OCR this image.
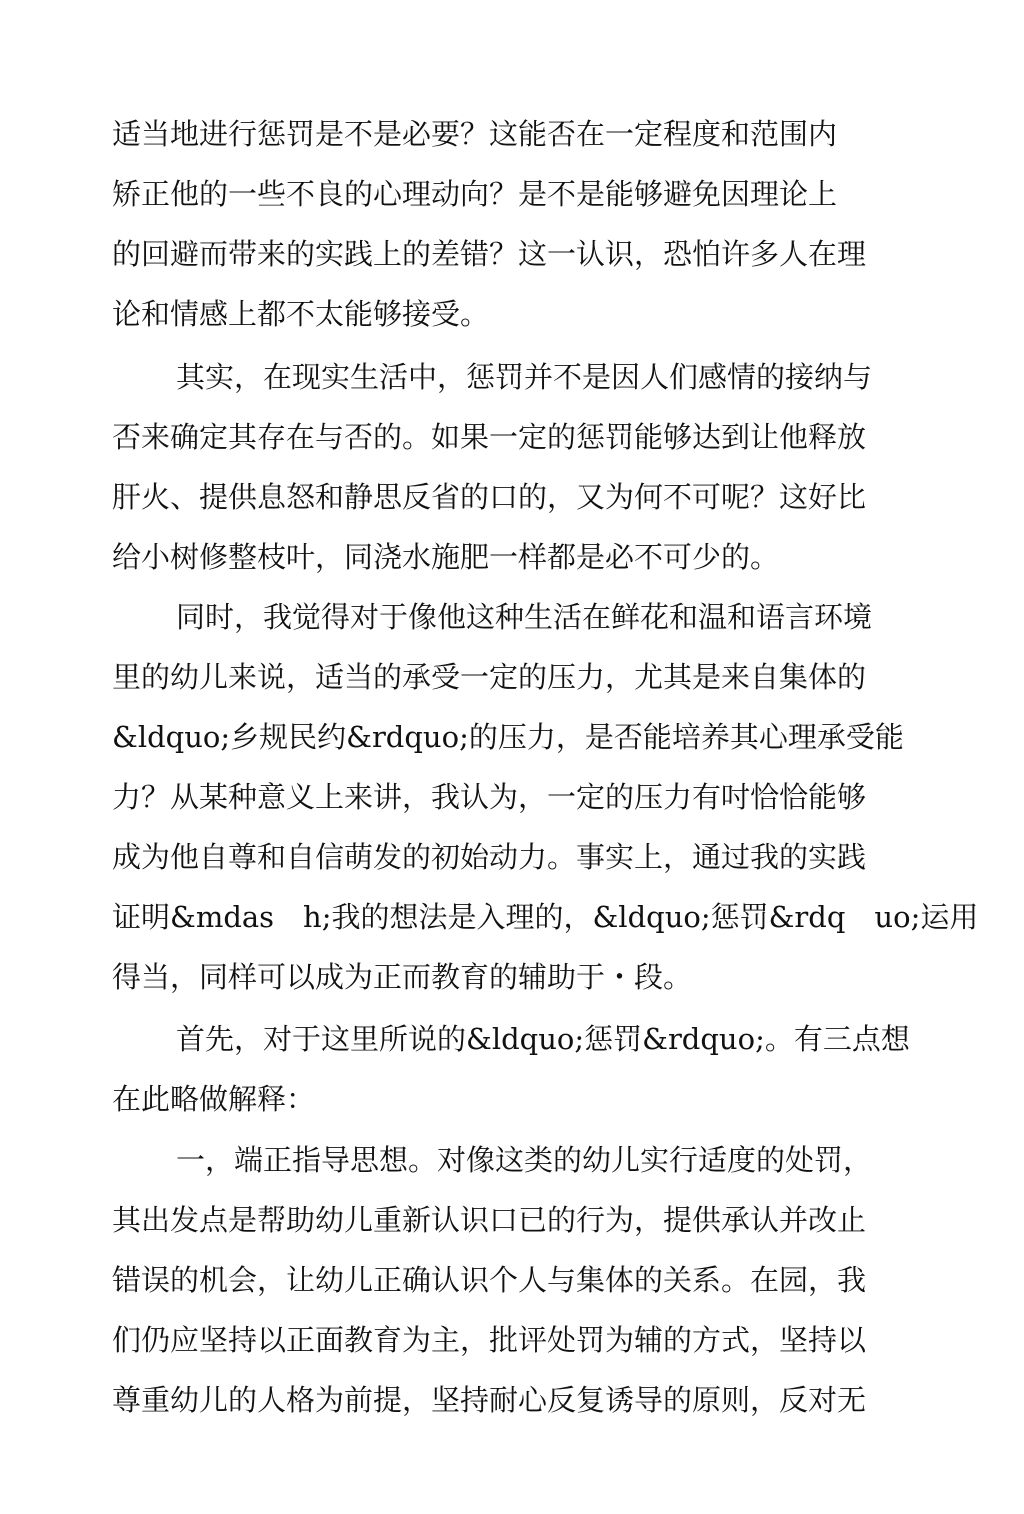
适当地进行惩罚是不是必要？这能否在一定程度和范围内
矫正他的一些不良的心理动向？是不是能够避免因理论上
的回避而带来的实践上的差错？这一认识，恐怕许多人在理
论和情感上都不太能够接受。
其实，在现实生活中，惩罚并不是因人们感情的接纳与
否来确定其存在与否的。如果一定的惩罚能够达到让他释放
肝火、提供息怒和静思反省的口的，又为何不可呢？这好比
给小树修整枝叶，同浇水施肥一样都是必不可少的。
同时，我觉得对于像他这种生活在鲜花和温和语言环境
里的幼儿来说，适当的承受一定的压力，尤其是来自集体的
&ldquo;乡规民约&rdquo;的压力，是否能培养其心理承受能
力？从某种意义上来讲，我认为，一定的压力有吋恰恰能够
成为他自尊和自信萌发的初始动力。事实上，通过我的实践
证明&mdas　h;我的想法是入理的，&ldquo;惩罚&rdq　uo;运用
得当，同样可以成为正而教育的辅助于・段。
首先，对于这里所说的&ldquo;惩罚&rdquo;。有三点想
在此略做解释：
一，端正指导思想。对像这类的幼儿实行适度的处罚，
其出发点是帮助幼儿重新认识口已的行为，提供承认并改止
错误的机会，让幼儿正确认识个人与集体的关系。在园，我
们仍应坚持以正面教育为主，批评处罚为辅的方式，坚持以
尊重幼儿的人格为前提，坚持耐心反复诱导的原则，反对无
